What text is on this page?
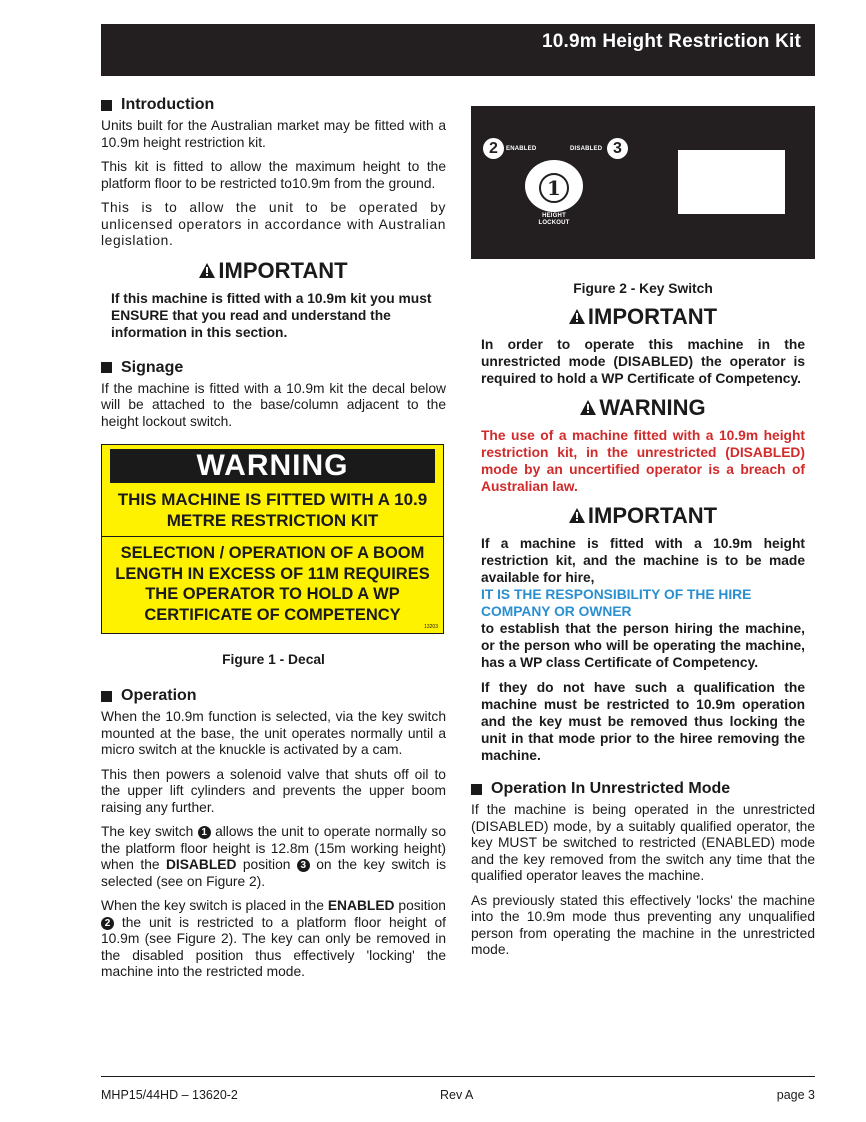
10.9m Height Restriction Kit
Introduction

Units built for the Australian market may be fitted with a 10.9m height restriction kit.

This kit is fitted to allow the maximum height to the platform floor to be restricted to10.9m from the ground.

This is to allow the unit to be operated by unlicensed operators in accordance with Australian legislation.

IMPORTANT

If this machine is fitted with a 10.9m kit you must ENSURE that you read and understand the information in this section.

Signage

If the machine is fitted with a 10.9m kit the decal below will be attached to the base/column adjacent to the height lockout switch.

WARNING
THIS MACHINE IS FITTED WITH A 10.9 METRE RESTRICTION KIT
SELECTION / OPERATION OF A BOOM LENGTH IN EXCESS OF 11M REQUIRES THE OPERATOR TO HOLD A WP CERTIFICATE OF COMPETENCY
13203
Figure 1 - Decal
Operation

When the 10.9m function is selected, via the key switch mounted at the base, the unit operates normally until a micro switch at the knuckle is activated by a cam.

This then powers a solenoid valve that shuts off oil to the upper lift cylinders and prevents the upper boom raising any further.

The key switch 1 allows the unit to operate normally so the platform floor height is 12.8m (15m working height) when the DISABLED position 3 on the key switch is selected (see on Figure 2).

When the key switch is placed in the ENABLED position 2 the unit is restricted to a platform floor height of 10.9m (see Figure 2). The key can only be removed in the disabled position thus effectively 'locking' the machine into the restricted mode.

2	ENABLED	DISABLED 3
1
HEIGHT
LOCKOUT
Figure 2 - Key Switch
IMPORTANT

In order to operate this machine in the unrestricted mode (DISABLED) the operator is required to hold a WP Certificate of Competency.

WARNING

The use of a machine fitted with a 10.9m height restriction kit, in the unrestricted (DISABLED) mode by an uncertified operator is a breach of Australian law.

IMPORTANT
If a machine is fitted with a 10.9m height restriction kit, and the machine is to be made available for hire,
IT IS THE RESPONSIBILITY OF THE HIRE COMPANY OR OWNER
to establish that the person hiring the machine, or the person who will be operating the machine, has a WP class Certificate of Competency.
If they do not have such a qualification the machine must be restricted to 10.9m operation and the key must be removed thus locking the unit in that mode prior to the hiree removing the machine.
Operation In Unrestricted Mode

If the machine is being operated in the unrestricted (DISABLED) mode, by a suitably qualified operator, the key MUST be switched to restricted (ENABLED) mode and the key removed from the switch any time that the qualified operator leaves the machine.

As previously stated this effectively 'locks' the machine into the 10.9m mode thus preventing any unqualified person from operating the machine in the unrestricted mode.

MHP15/44HD – 13620-2	Rev A	page 3
